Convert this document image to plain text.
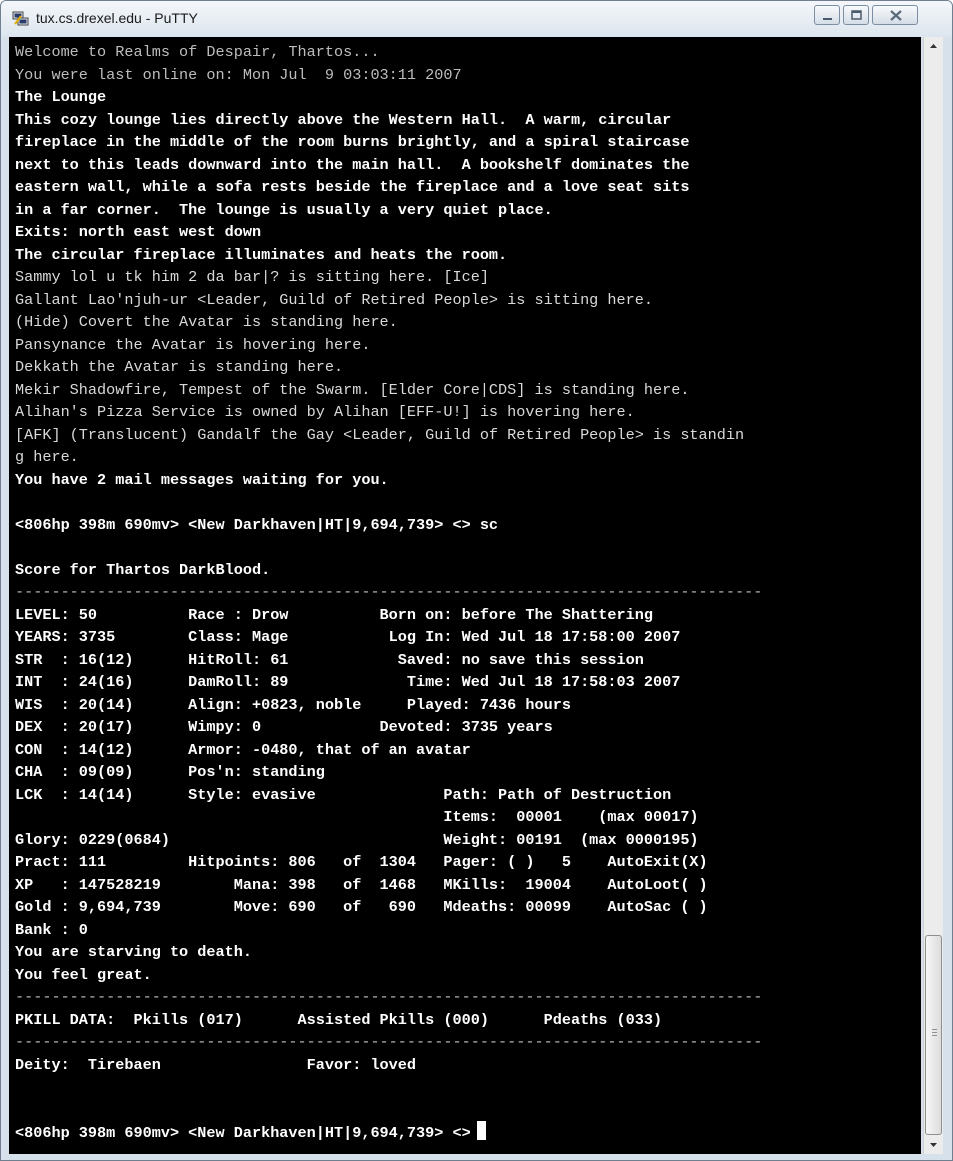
tux.cs.drexel.edu - PuTTY
Welcome to Realms of Despair, Thartos...
You were last online on: Mon Jul  9 03:03:11 2007
The Lounge
This cozy lounge lies directly above the Western Hall.  A warm, circular
fireplace in the middle of the room burns brightly, and a spiral staircase
next to this leads downward into the main hall.  A bookshelf dominates the
eastern wall, while a sofa rests beside the fireplace and a love seat sits
in a far corner.  The lounge is usually a very quiet place.
Exits: north east west down
The circular fireplace illuminates and heats the room.
Sammy lol u tk him 2 da bar|? is sitting here. [Ice]
Gallant Lao'njuh-ur <Leader, Guild of Retired People> is sitting here.
(Hide) Covert the Avatar is standing here.
Pansynance the Avatar is hovering here.
Dekkath the Avatar is standing here.
Mekir Shadowfire, Tempest of the Swarm. [Elder Core|CDS] is standing here.
Alihan's Pizza Service is owned by Alihan [EFF-U!] is hovering here.
[AFK] (Translucent) Gandalf the Gay <Leader, Guild of Retired People> is standin
g here.
You have 2 mail messages waiting for you.

<806hp 398m 690mv> <New Darkhaven|HT|9,694,739> <> sc

Score for Thartos DarkBlood.
----------------------------------------------------------------------------------
LEVEL: 50          Race : Drow          Born on: before The Shattering
YEARS: 3735        Class: Mage           Log In: Wed Jul 18 17:58:00 2007
STR  : 16(12)      HitRoll: 61            Saved: no save this session
INT  : 24(16)      DamRoll: 89             Time: Wed Jul 18 17:58:03 2007
WIS  : 20(14)      Align: +0823, noble     Played: 7436 hours
DEX  : 20(17)      Wimpy: 0             Devoted: 3735 years
CON  : 14(12)      Armor: -0480, that of an avatar
CHA  : 09(09)      Pos'n: standing
LCK  : 14(14)      Style: evasive              Path: Path of Destruction
Items:  00001    (max 00017)
Glory: 0229(0684)                              Weight: 00191  (max 0000195)
Pract: 111         Hitpoints: 806   of  1304   Pager: ( )   5    AutoExit(X)
XP   : 147528219        Mana: 398   of  1468   MKills:  19004    AutoLoot( )
Gold : 9,694,739        Move: 690   of   690   Mdeaths: 00099    AutoSac ( )
Bank : 0
You are starving to death.
You feel great.
----------------------------------------------------------------------------------
PKILL DATA:  Pkills (017)      Assisted Pkills (000)      Pdeaths (033)
----------------------------------------------------------------------------------
Deity:  Tirebaen                Favor: loved

<806hp 398m 690mv> <New Darkhaven|HT|9,694,739> <>
